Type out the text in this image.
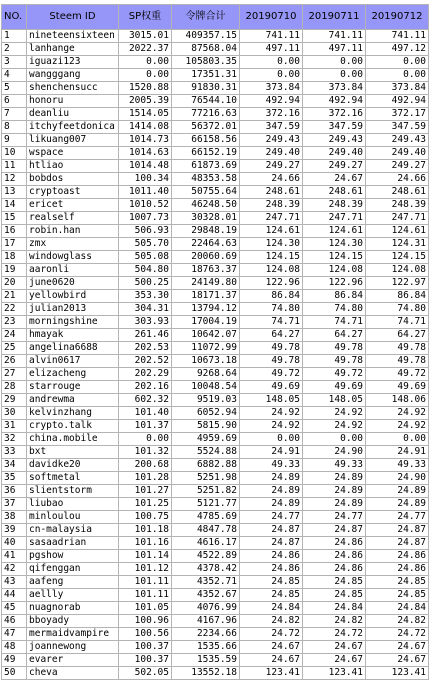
NO.	Steem ID	SP权重	令牌合计	20190710	20190711	20190712
1	nineteensixteen	3015.01	409357.15	741.11	741.11	741.11
2	lanhange	2022.37	87568.04	497.11	497.11	497.12
3	iguazi123	0.00	105803.35	0.00	0.00	0.00
4	wangggang	0.00	17351.31	0.00	0.00	0.00
5	shenchensucc	1520.88	91830.31	373.84	373.84	373.84
6	honoru	2005.39	76544.10	492.94	492.94	492.94
7	deanliu	1514.05	77216.63	372.16	372.16	372.17
8	itchyfeetdonica	1414.08	56372.01	347.59	347.59	347.59
9	likuang007	1014.73	66158.56	249.43	249.43	249.43
10	wspace	1014.63	66152.19	249.40	249.40	249.40
11	htliao	1014.48	61873.69	249.27	249.27	249.27
12	bobdos	100.34	48353.58	24.66	24.67	24.66
13	cryptoast	1011.40	50755.64	248.61	248.61	248.61
14	ericet	1010.52	46248.50	248.39	248.39	248.39
15	realself	1007.73	30328.01	247.71	247.71	247.71
16	robin.han	506.93	29848.19	124.61	124.61	124.61
17	zmx	505.70	22464.63	124.30	124.30	124.31
18	windowglass	505.08	20060.69	124.15	124.15	124.15
19	aaronli	504.80	18763.37	124.08	124.08	124.08
20	june0620	500.25	24149.80	122.96	122.96	122.97
21	yellowbird	353.30	18171.37	86.84	86.84	86.84
22	julian2013	304.31	13794.12	74.80	74.80	74.80
23	morningshine	303.93	17004.19	74.71	74.71	74.71
24	hmayak	261.46	10642.07	64.27	64.27	64.27
25	angelina6688	202.53	11072.99	49.78	49.78	49.78
26	alvin0617	202.52	10673.18	49.78	49.78	49.78
27	elizacheng	202.29	9268.64	49.72	49.72	49.72
28	starrouge	202.16	10048.54	49.69	49.69	49.69
29	andrewma	602.32	9519.03	148.05	148.05	148.06
30	kelvinzhang	101.40	6052.94	24.92	24.92	24.92
31	crypto.talk	101.37	5815.90	24.92	24.92	24.92
32	china.mobile	0.00	4959.69	0.00	0.00	0.00
33	bxt	101.32	5524.88	24.91	24.90	24.91
34	davidke20	200.68	6882.88	49.33	49.33	49.33
35	softmetal	101.28	5251.98	24.89	24.89	24.90
36	slientstorm	101.27	5251.82	24.89	24.89	24.89
37	liubao	101.25	5121.77	24.89	24.89	24.89
38	minloulou	100.75	4785.69	24.77	24.77	24.77
39	cn-malaysia	101.18	4847.78	24.87	24.87	24.87
40	sasaadrian	101.16	4616.17	24.87	24.86	24.87
41	pgshow	101.14	4522.89	24.86	24.86	24.86
42	qifenggan	101.12	4378.42	24.86	24.86	24.86
43	aafeng	101.11	4352.71	24.85	24.85	24.85
44	aellly	101.11	4352.67	24.85	24.85	24.85
45	nuagnorab	101.05	4076.99	24.84	24.84	24.84
46	bboyady	100.96	4167.96	24.82	24.82	24.82
47	mermaidvampire	100.56	2234.66	24.72	24.72	24.72
48	joannewong	100.37	1535.66	24.67	24.67	24.67
49	evarer	100.37	1535.59	24.67	24.67	24.67
50	cheva	502.05	13552.18	123.41	123.41	123.41
